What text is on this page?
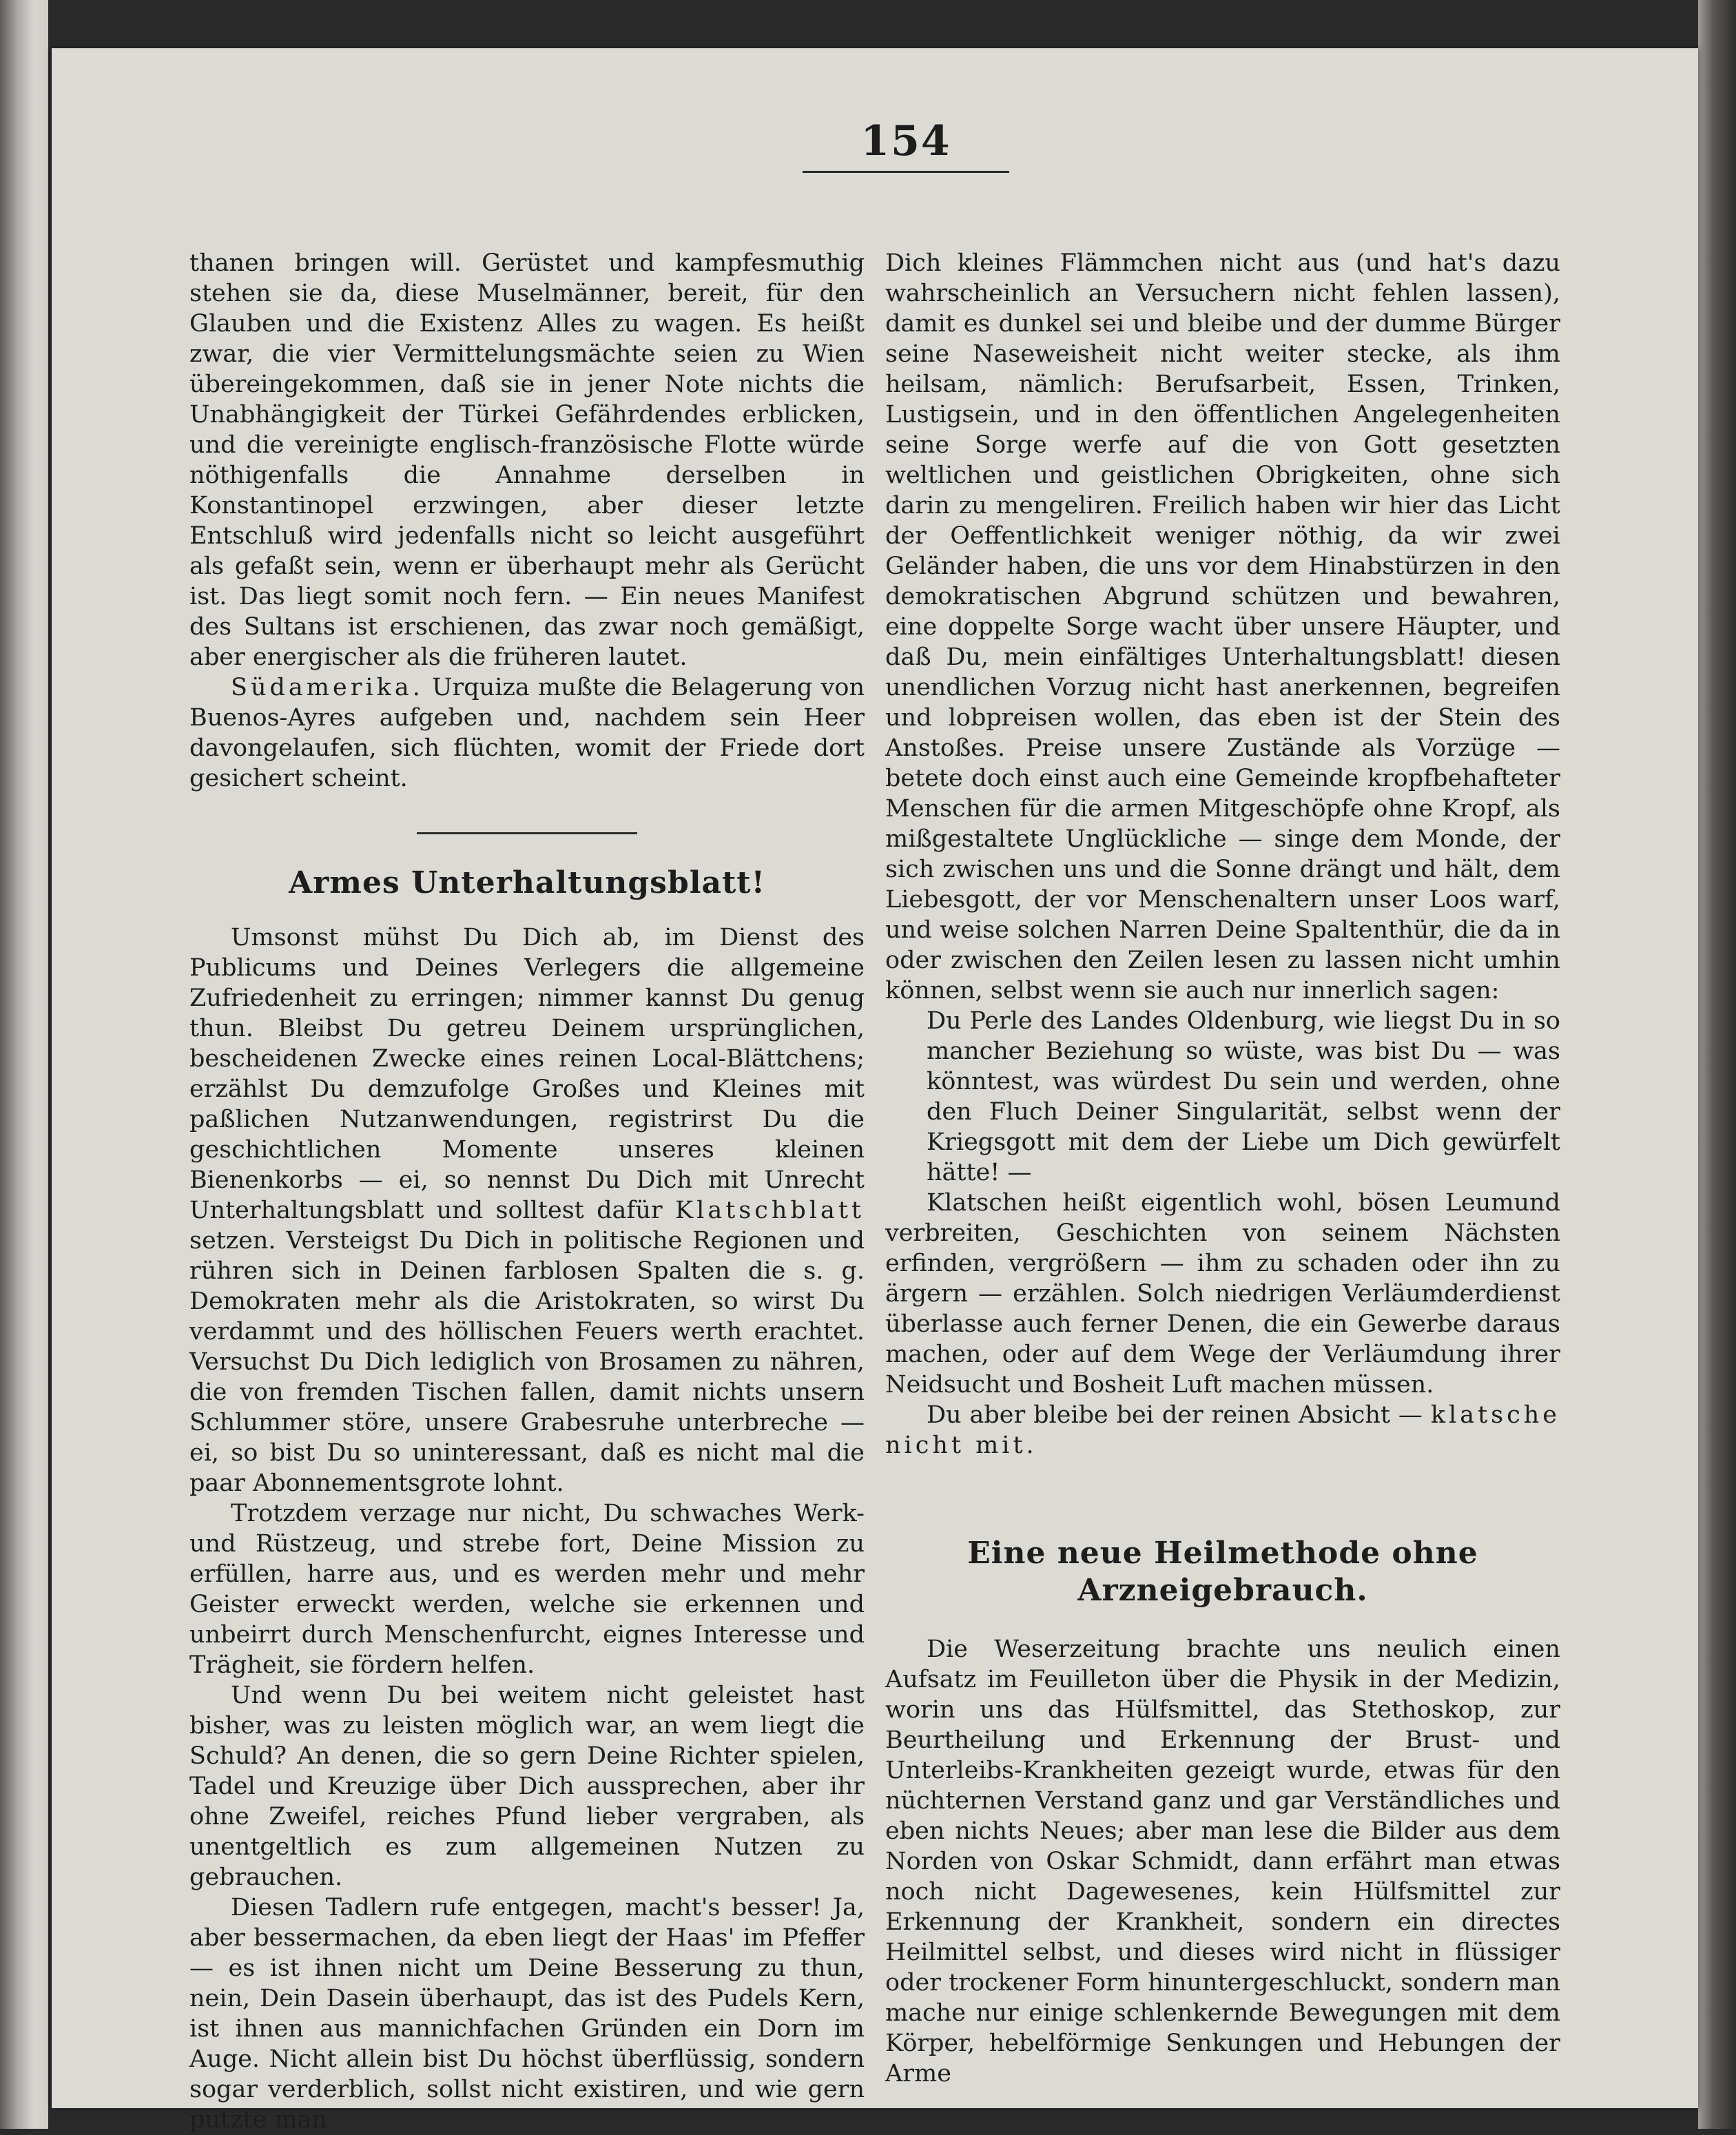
154

thanen bringen will. Gerüstet und kampfesmuthig stehen sie da, diese Muselmänner, bereit, für den Glauben und die Existenz Alles zu wagen. Es heißt zwar, die vier Vermittelungsmächte seien zu Wien übereingekommen, daß sie in jener Note nichts die Unabhängigkeit der Türkei Gefährdendes erblicken, und die vereinigte englisch-französische Flotte würde nöthigenfalls die Annahme derselben in Konstantinopel erzwingen, aber dieser letzte Entschluß wird jedenfalls nicht so leicht ausgeführt als gefaßt sein, wenn er überhaupt mehr als Gerücht ist. Das liegt somit noch fern. — Ein neues Manifest des Sultans ist erschienen, das zwar noch gemäßigt, aber energischer als die früheren lautet.

Südamerika. Urquiza mußte die Belagerung von Buenos-Ayres aufgeben und, nachdem sein Heer davongelaufen, sich flüchten, womit der Friede dort gesichert scheint.

Armes Unterhaltungsblatt!

Umsonst mühst Du Dich ab, im Dienst des Publicums und Deines Verlegers die allgemeine Zufriedenheit zu erringen; nimmer kannst Du genug thun. Bleibst Du getreu Deinem ursprünglichen, bescheidenen Zwecke eines reinen Local-Blättchens; erzählst Du demzufolge Großes und Kleines mit paßlichen Nutzanwendungen, registrirst Du die geschichtlichen Momente unseres kleinen Bienenkorbs — ei, so nennst Du Dich mit Unrecht Unterhaltungsblatt und solltest dafür Klatschblatt setzen. Versteigst Du Dich in politische Regionen und rühren sich in Deinen farblosen Spalten die s. g. Demokraten mehr als die Aristokraten, so wirst Du verdammt und des höllischen Feuers werth erachtet. Versuchst Du Dich lediglich von Brosamen zu nähren, die von fremden Tischen fallen, damit nichts unsern Schlummer störe, unsere Grabesruhe unterbreche — ei, so bist Du so uninteressant, daß es nicht mal die paar Abonnementsgrote lohnt.

Trotzdem verzage nur nicht, Du schwaches Werk- und Rüstzeug, und strebe fort, Deine Mission zu erfüllen, harre aus, und es werden mehr und mehr Geister erweckt werden, welche sie erkennen und unbeirrt durch Menschenfurcht, eignes Interesse und Trägheit, sie fördern helfen.

Und wenn Du bei weitem nicht geleistet hast bisher, was zu leisten möglich war, an wem liegt die Schuld? An denen, die so gern Deine Richter spielen, Tadel und Kreuzige über Dich aussprechen, aber ihr ohne Zweifel, reiches Pfund lieber vergraben, als unentgeltlich es zum allgemeinen Nutzen zu gebrauchen.

Diesen Tadlern rufe entgegen, macht's besser! Ja, aber bessermachen, da eben liegt der Haas' im Pfeffer — es ist ihnen nicht um Deine Besserung zu thun, nein, Dein Dasein überhaupt, das ist des Pudels Kern, ist ihnen aus mannichfachen Gründen ein Dorn im Auge. Nicht allein bist Du höchst überflüssig, sondern sogar verderblich, sollst nicht existiren, und wie gern putzte man

Dich kleines Flämmchen nicht aus (und hat's dazu wahrscheinlich an Versuchern nicht fehlen lassen), damit es dunkel sei und bleibe und der dumme Bürger seine Naseweisheit nicht weiter stecke, als ihm heilsam, nämlich: Berufsarbeit, Essen, Trinken, Lustigsein, und in den öffentlichen Angelegenheiten seine Sorge werfe auf die von Gott gesetzten weltlichen und geistlichen Obrigkeiten, ohne sich darin zu mengeliren. Freilich haben wir hier das Licht der Oeffentlichkeit weniger nöthig, da wir zwei Geländer haben, die uns vor dem Hinabstürzen in den demokratischen Abgrund schützen und bewahren, eine doppelte Sorge wacht über unsere Häupter, und daß Du, mein einfältiges Unterhaltungsblatt! diesen unendlichen Vorzug nicht hast anerkennen, begreifen und lobpreisen wollen, das eben ist der Stein des Anstoßes. Preise unsere Zustände als Vorzüge — betete doch einst auch eine Gemeinde kropfbehafteter Menschen für die armen Mitgeschöpfe ohne Kropf, als mißgestaltete Unglückliche — singe dem Monde, der sich zwischen uns und die Sonne drängt und hält, dem Liebesgott, der vor Menschenaltern unser Loos warf, und weise solchen Narren Deine Spaltenthür, die da in oder zwischen den Zeilen lesen zu lassen nicht umhin können, selbst wenn sie auch nur innerlich sagen:

Du Perle des Landes Oldenburg, wie liegst Du in so mancher Beziehung so wüste, was bist Du — was könntest, was würdest Du sein und werden, ohne den Fluch Deiner Singularität, selbst wenn der Kriegsgott mit dem der Liebe um Dich gewürfelt hätte! —

Klatschen heißt eigentlich wohl, bösen Leumund verbreiten, Geschichten von seinem Nächsten erfinden, vergrößern — ihm zu schaden oder ihn zu ärgern — erzählen. Solch niedrigen Verläumderdienst überlasse auch ferner Denen, die ein Gewerbe daraus machen, oder auf dem Wege der Verläumdung ihrer Neidsucht und Bosheit Luft machen müssen.

Du aber bleibe bei der reinen Absicht — klatsche nicht mit.

Eine neue Heilmethode ohne
Arzneigebrauch.

Die Weserzeitung brachte uns neulich einen Aufsatz im Feuilleton über die Physik in der Medizin, worin uns das Hülfsmittel, das Stethoskop, zur Beurtheilung und Erkennung der Brust- und Unterleibs-Krankheiten gezeigt wurde, etwas für den nüchternen Verstand ganz und gar Verständliches und eben nichts Neues; aber man lese die Bilder aus dem Norden von Oskar Schmidt, dann erfährt man etwas noch nicht Dagewesenes, kein Hülfsmittel zur Erkennung der Krankheit, sondern ein directes Heilmittel selbst, und dieses wird nicht in flüssiger oder trockener Form hinuntergeschluckt, sondern man mache nur einige schlenkernde Bewegungen mit dem Körper, hebelförmige Senkungen und Hebungen der Arme
